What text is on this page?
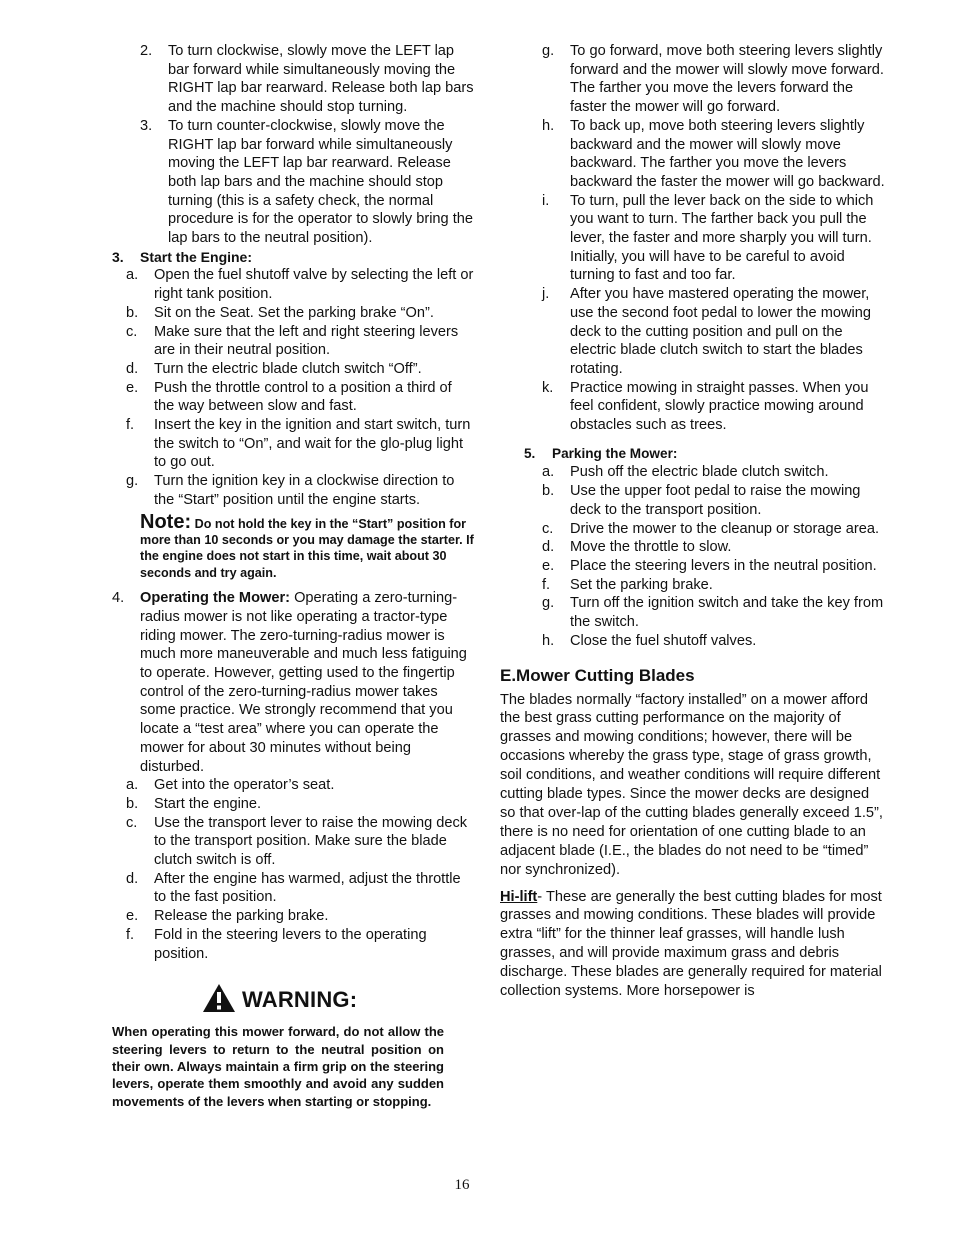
2. To turn clockwise, slowly move the LEFT lap bar forward while simultaneously moving the RIGHT lap bar rearward. Release both lap bars and the machine should stop turning.
3. To turn counter-clockwise, slowly move the RIGHT lap bar forward while simultaneously moving the LEFT lap bar rearward. Release both lap bars and the machine should stop turning (this is a safety check, the normal procedure is for the operator to slowly bring the lap bars to the neutral position).
3. Start the Engine:
a. Open the fuel shutoff valve by selecting the left or right tank position.
b. Sit on the Seat. Set the parking brake “On”.
c. Make sure that the left and right steering levers are in their neutral position.
d. Turn the electric blade clutch switch “Off”.
e. Push the throttle control to a position a third of the way between slow and fast.
f. Insert the key in the ignition and start switch, turn the switch to “On”, and wait for the glo-plug light to go out.
g. Turn the ignition key in a clockwise direction to the “Start” position until the engine starts.
Note: Do not hold the key in the “Start” position for more than 10 seconds or you may damage the starter. If the engine does not start in this time, wait about 30 seconds and try again.
4. Operating the Mower: Operating a zero-turning-radius mower is not like operating a tractor-type riding mower. The zero-turning-radius mower is much more maneuverable and much less fatiguing to operate. However, getting used to the fingertip control of the zero-turning-radius mower takes some practice. We strongly recommend that you locate a “test area” where you can operate the mower for about 30 minutes without being disturbed.
a. Get into the operator’s seat.
b. Start the engine.
c. Use the transport lever to raise the mowing deck to the transport position. Make sure the blade clutch switch is off.
d. After the engine has warmed, adjust the throttle to the fast position.
e. Release the parking brake.
f. Fold in the steering levers to the operating position.
WARNING:
When operating this mower forward, do not allow the steering levers to return to the neutral position on their own. Always maintain a firm grip on the steering levers, operate them smoothly and avoid any sudden movements of the levers when starting or stopping.
g. To go forward, move both steering levers slightly forward and the mower will slowly move forward. The farther you move the levers forward the faster the mower will go forward.
h. To back up, move both steering levers slightly backward and the mower will slowly move backward. The farther you move the levers backward the faster the mower will go backward.
i. To turn, pull the lever back on the side to which you want to turn. The farther back you pull the lever, the faster and more sharply you will turn. Initially, you will have to be careful to avoid turning to fast and too far.
j. After you have mastered operating the mower, use the second foot pedal to lower the mowing deck to the cutting position and pull on the electric blade clutch switch to start the blades rotating.
k. Practice mowing in straight passes. When you feel confident, slowly practice mowing around obstacles such as trees.
5. Parking the Mower:
a. Push off the electric blade clutch switch.
b. Use the upper foot pedal to raise the mowing deck to the transport position.
c. Drive the mower to the cleanup or storage area.
d. Move the throttle to slow.
e. Place the steering levers in the neutral position.
f. Set the parking brake.
g. Turn off the ignition switch and take the key from the switch.
h. Close the fuel shutoff valves.
E.Mower Cutting Blades
The blades normally “factory installed” on a mower afford the best grass cutting performance on the majority of grasses and mowing conditions; however, there will be occasions whereby the grass type, stage of grass growth, soil conditions, and weather conditions will require different cutting blade types. Since the mower decks are designed so that over-lap of the cutting blades generally exceed 1.5”, there is no need for orientation of one cutting blade to an adjacent blade (I.E., the blades do not need to be “timed” nor synchronized).
Hi-lift- These are generally the best cutting blades for most grasses and mowing conditions. These blades will provide extra “lift” for the thinner leaf grasses, will handle lush grasses, and will provide maximum grass and debris discharge. These blades are generally required for material collection systems. More horsepower is
16
